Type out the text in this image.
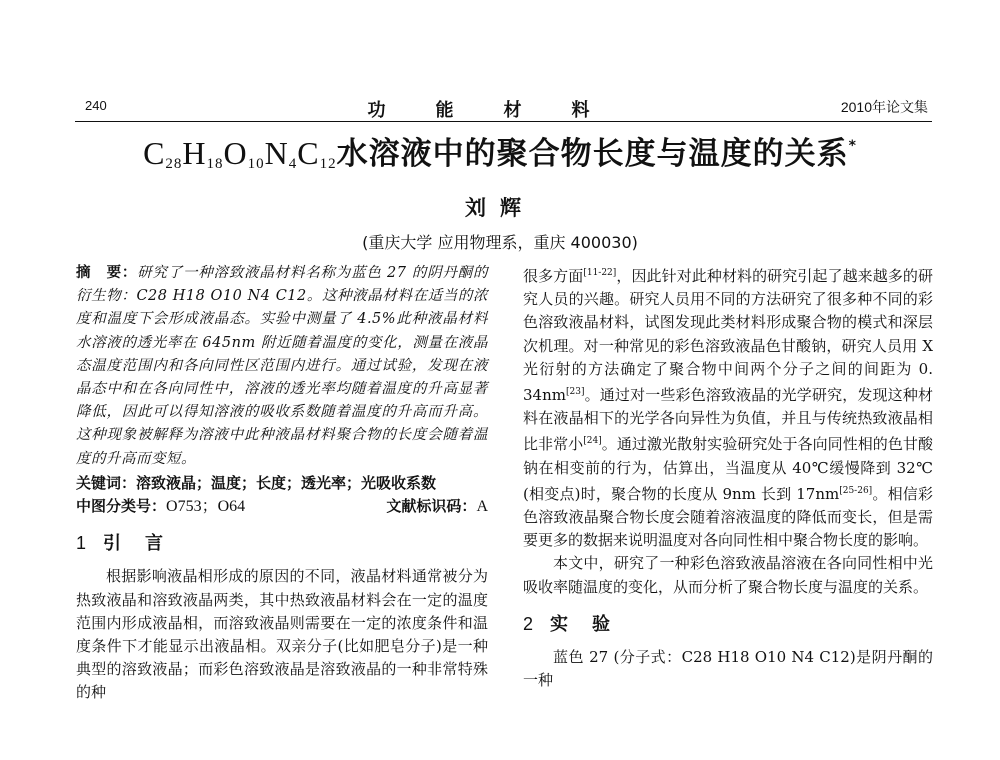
240	功能材料	2010年论文集
$C_{28}H_{18}O_{10}N_4C_{12}$水溶液中的聚合物长度与温度的关系*
刘辉
(重庆大学 应用物理系，重庆 400030)

摘　要：研究了一种溶致液晶材料名称为蓝色 27 的阴丹酮的衍生物：C28 H18 O10 N4 C12。这种液晶材料在适当的浓度和温度下会形成液晶态。实验中测量了 4.5%此种液晶材料水溶液的透光率在 645nm 附近随着温度的变化，测量在液晶态温度范围内和各向同性区范围内进行。通过试验，发现在液晶态中和在各向同性中，溶液的透光率均随着温度的升高显著降低，因此可以得知溶液的吸收系数随着温度的升高而升高。这种现象被解释为溶液中此种液晶材料聚合物的长度会随着温度的升高而变短。

关键词：溶致液晶；温度；长度；透光率；光吸收系数
中图分类号：O753；O64	文献标识码：A
1 引　言

根据影响液晶相形成的原因的不同，液晶材料通常被分为热致液晶和溶致液晶两类，其中热致液晶材料会在一定的温度范围内形成液晶相，而溶致液晶则需要在一定的浓度条件和温度条件下才能显示出液晶相。双亲分子(比如肥皂分子)是一种典型的溶致液晶；而彩色溶致液晶是溶致液晶的一种非常特殊的种

很多方面[11-22]，因此针对此种材料的研究引起了越来越多的研究人员的兴趣。研究人员用不同的方法研究了很多种不同的彩色溶致液晶材料，试图发现此类材料形成聚合物的模式和深层次机理。对一种常见的彩色溶致液晶色甘酸钠，研究人员用 X 光衍射的方法确定了聚合物中间两个分子之间的间距为 0. 34nm[23]。通过对一些彩色溶致液晶的光学研究，发现这种材料在液晶相下的光学各向异性为负值，并且与传统热致液晶相比非常小[24]。通过激光散射实验研究处于各向同性相的色甘酸钠在相变前的行为，估算出，当温度从 40℃缓慢降到 32℃(相变点)时，聚合物的长度从 9nm 长到 17nm[25-26]。相信彩色溶致液晶聚合物长度会随着溶液温度的降低而变长，但是需要更多的数据来说明温度对各向同性相中聚合物长度的影响。

本文中，研究了一种彩色溶致液晶溶液在各向同性相中光吸收率随温度的变化，从而分析了聚合物长度与温度的关系。

2 实　验

蓝色 27 (分子式：C28 H18 O10 N4 C12)是阴丹酮的一种
